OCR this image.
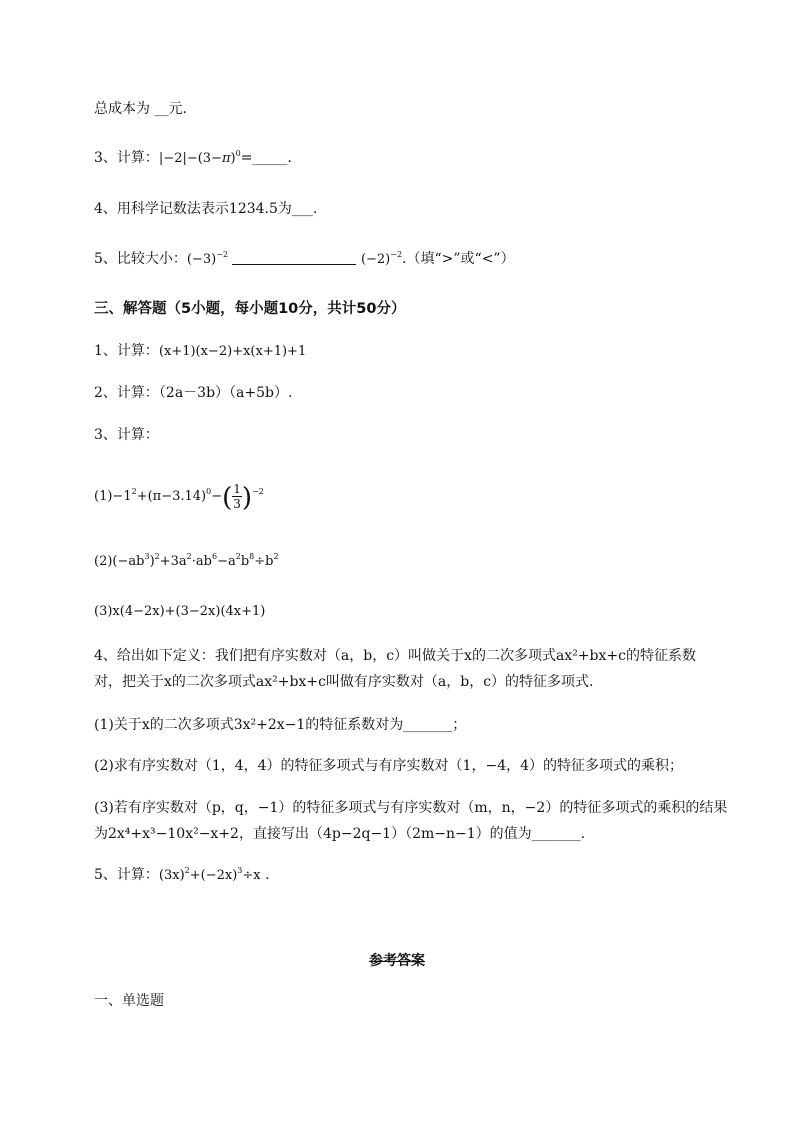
总成本为 __元.
3、计算：$|-2|-(3-\pi)^0=\_\_\_\_\_$.
4、用科学记数法表示1234.5为___.
5、比较大小：$(-3)^{-2}$	$(-2)^{-2}$.（填“>”或“<”）
三、解答题（5小题，每小题10分，共计50分）
1、计算：(x+1)(x−2)+x(x+1)+1
2、计算：（2a－3b）（a+5b）.
3、计算：
$(1)-1^2+(\pi-3.14)^0-( \frac{1}{3} )^{-2}$
$(2)(-ab^3)^2+3a^2\cdot ab^6-a^2b^8\div b^2$
(3)x(4−2x)+(3−2x)(4x+1)
4、给出如下定义：我们把有序实数对（a，b，c）叫做关于x的二次多项式ax²+bx+c的特征系数
对，把关于x的二次多项式ax²+bx+c叫做有序实数对（a，b，c）的特征多项式.
(1)关于x的二次多项式3x²+2x−1的特征系数对为_______；
(2)求有序实数对（1，4，4）的特征多项式与有序实数对（1，−4，4）的特征多项式的乘积；
(3)若有序实数对（p，q，−1）的特征多项式与有序实数对（m，n，−2）的特征多项式的乘积的结果
为2x⁴+x³−10x²−x+2，直接写出（4p−2q−1）（2m−n−1）的值为_______.
5、计算：$(3x)^2+(-2x)^3\div x$ .
参考答案
一、单选题
